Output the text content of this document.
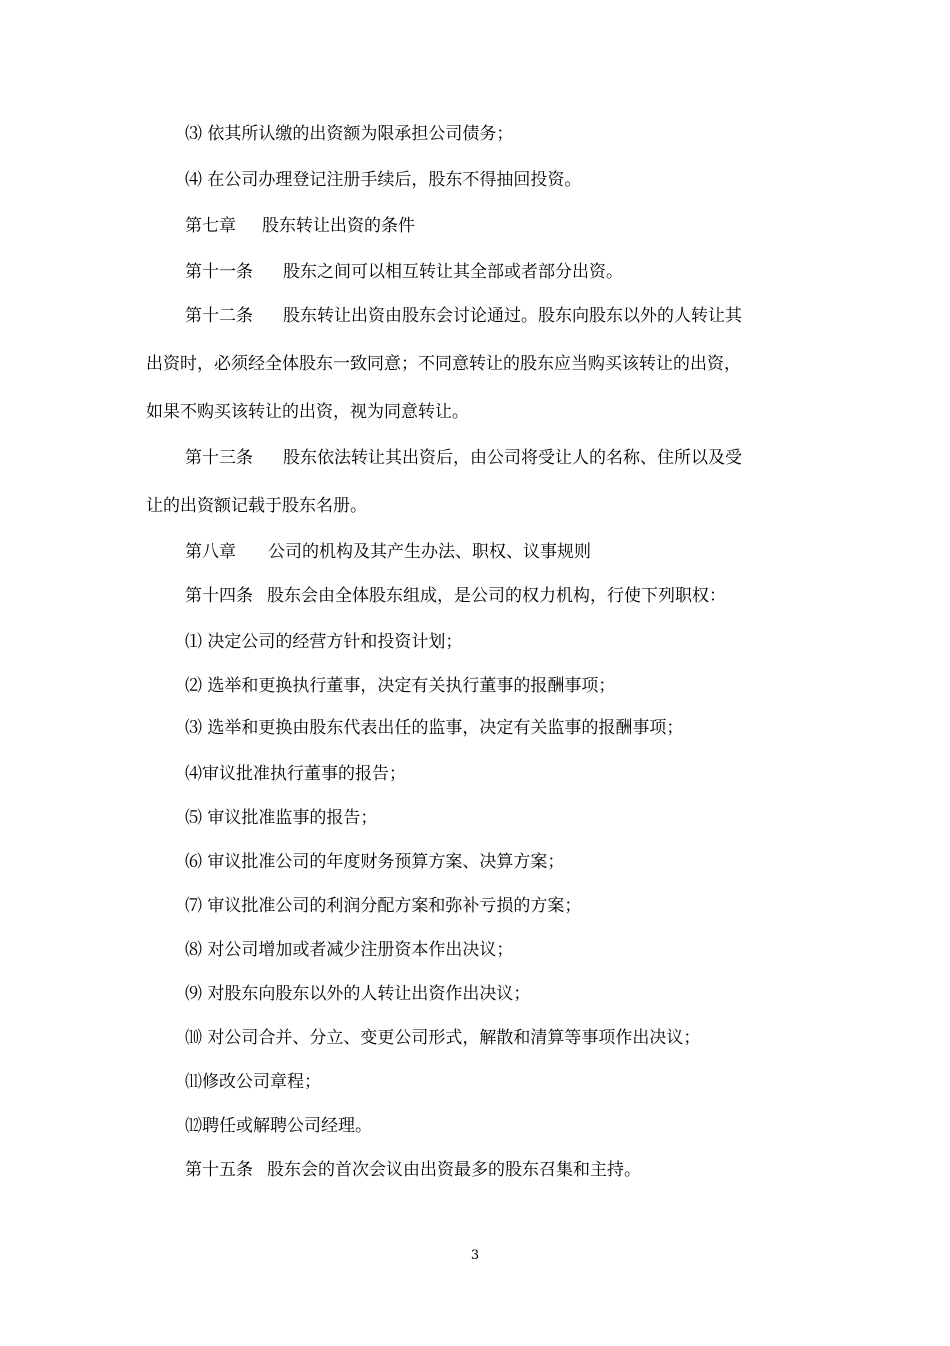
⑶ 依其所认缴的出资额为限承担公司债务；
⑷ 在公司办理登记注册手续后，股东不得抽回投资。
第七章 股东转让出资的条件
第十一条 股东之间可以相互转让其全部或者部分出资。
第十二条 股东转让出资由股东会讨论通过。股东向股东以外的人转让其
出资时，必须经全体股东一致同意；不同意转让的股东应当购买该转让的出资，
如果不购买该转让的出资，视为同意转让。
第十三条 股东依法转让其出资后，由公司将受让人的名称、住所以及受
让的出资额记载于股东名册。
第八章 公司的机构及其产生办法、职权、议事规则
第十四条 股东会由全体股东组成，是公司的权力机构，行使下列职权：
⑴ 决定公司的经营方针和投资计划；
⑵ 选举和更换执行董事，决定有关执行董事的报酬事项；
⑶ 选举和更换由股东代表出任的监事，决定有关监事的报酬事项；
⑷审议批准执行董事的报告；
⑸ 审议批准监事的报告；
⑹ 审议批准公司的年度财务预算方案、决算方案；
⑺ 审议批准公司的利润分配方案和弥补亏损的方案；
⑻ 对公司增加或者减少注册资本作出决议；
⑼ 对股东向股东以外的人转让出资作出决议；
⑽ 对公司合并、分立、变更公司形式，解散和清算等事项作出决议；
⑾修改公司章程；
⑿聘任或解聘公司经理。
第十五条 股东会的首次会议由出资最多的股东召集和主持。
3
